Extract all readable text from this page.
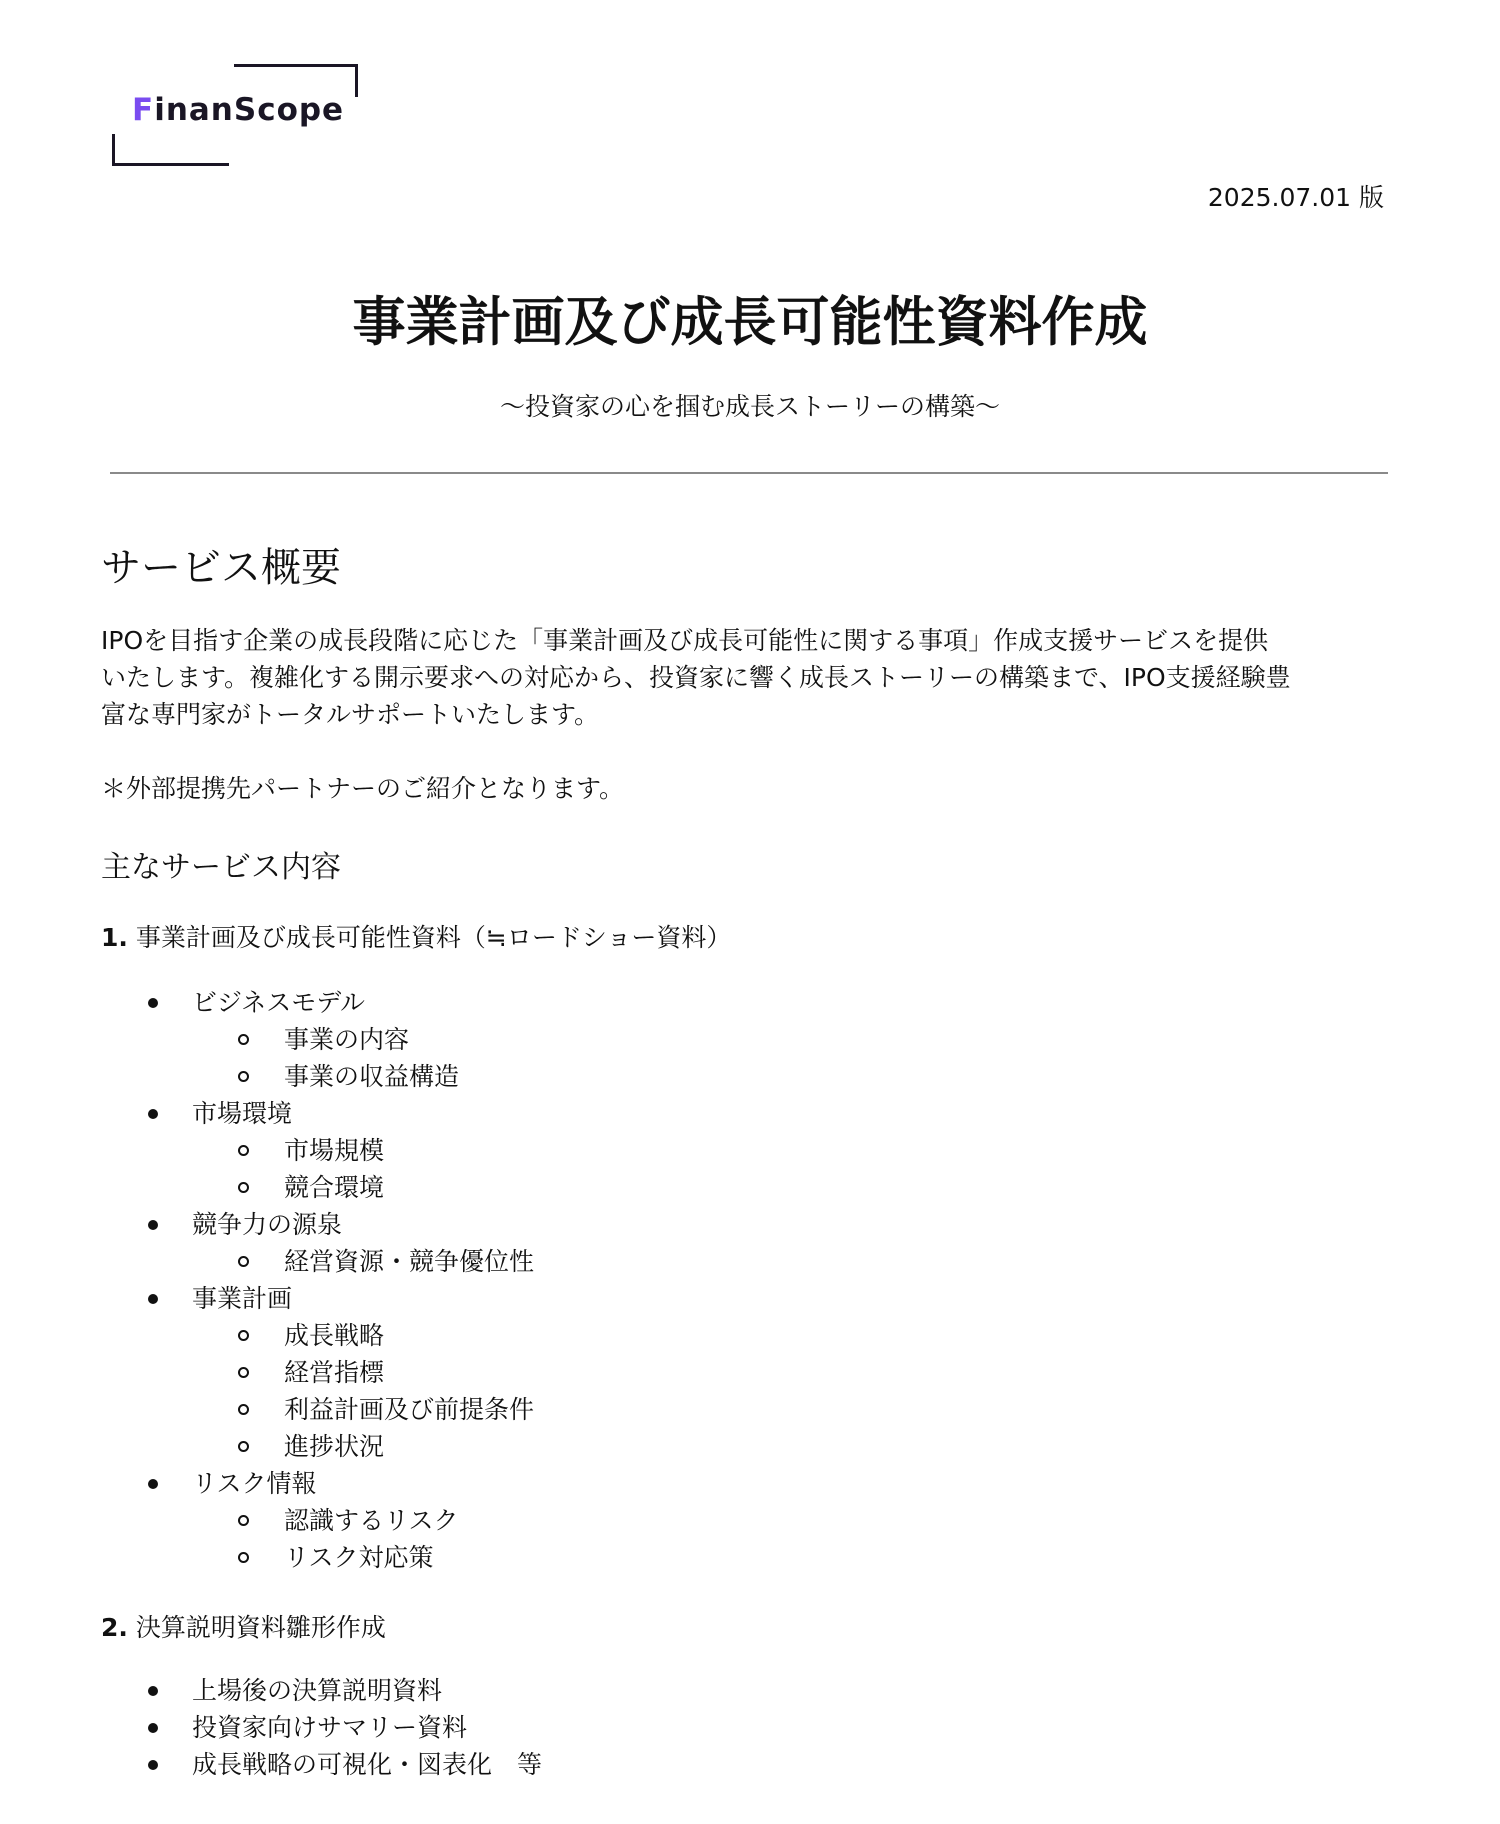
FinanScope
2025.07.01 版
事業計画及び成長可能性資料作成
〜投資家の心を掴む成長ストーリーの構築〜
サービス概要

IPOを目指す企業の成長段階に応じた「事業計画及び成長可能性に関する事項」作成支援サービスを提供

いたします。複雑化する開示要求への対応から、投資家に響く成長ストーリーの構築まで、IPO支援経験豊

富な専門家がトータルサポートいたします。

＊外部提携先パートナーのご紹介となります。
主なサービス内容
1. 事業計画及び成長可能性資料（≒ロードショー資料）
ビジネスモデル
事業の内容
事業の収益構造
市場環境
市場規模
競合環境
競争力の源泉
経営資源・競争優位性
事業計画
成長戦略
経営指標
利益計画及び前提条件
進捗状況
リスク情報
認識するリスク
リスク対応策
2. 決算説明資料雛形作成
上場後の決算説明資料
投資家向けサマリー資料
成長戦略の可視化・図表化　等
